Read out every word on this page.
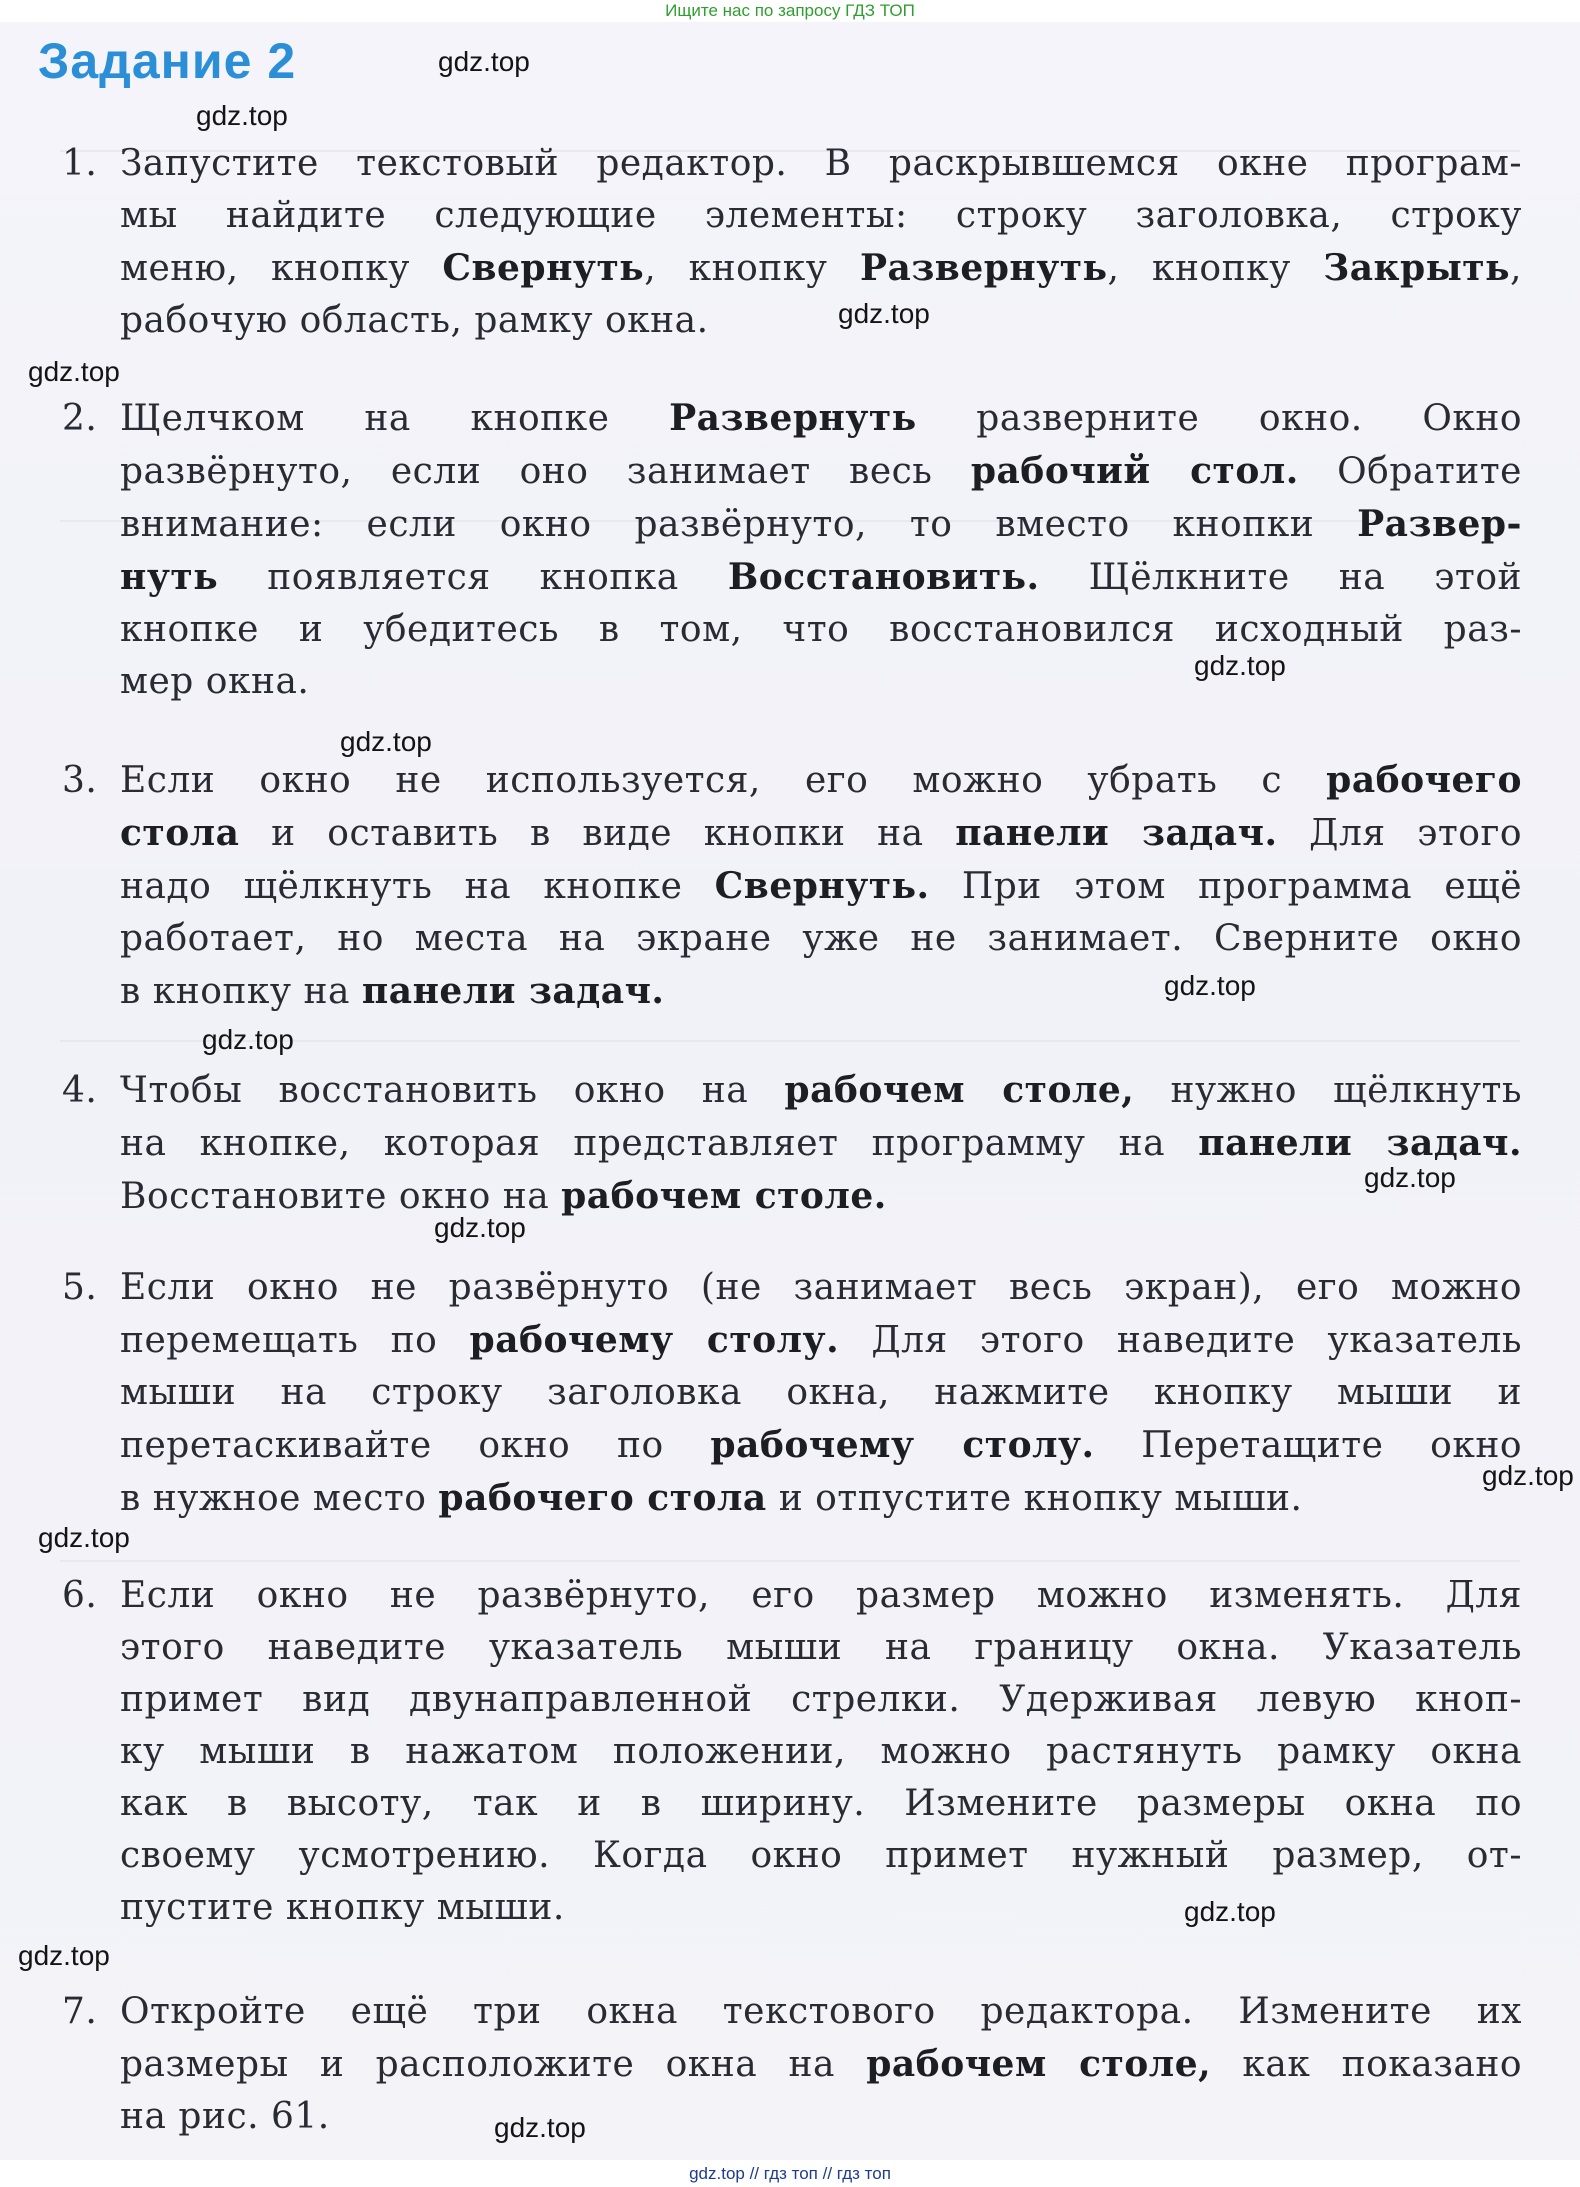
Ищите нас по запросу ГДЗ ТОП
Задание 2
1. Запустите текстовый редактор. В раскрывшемся окне програм-
мы найдите следующие элементы: строку заголовка, строку
меню, кнопку Свернуть, кнопку Развернуть, кнопку Закрыть,
рабочую область, рамку окна.
2. Щелчком на кнопке Развернуть разверните окно. Окно
развёрнуто, если оно занимает весь рабочий стол. Обратите
внимание: если окно развёрнуто, то вместо кнопки Развер-
нуть появляется кнопка Восстановить. Щёлкните на этой
кнопке и убедитесь в том, что восстановился исходный раз-
мер окна.
3. Если окно не используется, его можно убрать с рабочего
стола и оставить в виде кнопки на панели задач. Для этого
надо щёлкнуть на кнопке Свернуть. При этом программа ещё
работает, но места на экране уже не занимает. Сверните окно
в кнопку на панели задач.
4. Чтобы восстановить окно на рабочем столе, нужно щёлкнуть
на кнопке, которая представляет программу на панели задач.
Восстановите окно на рабочем столе.
5. Если окно не развёрнуто (не занимает весь экран), его можно
перемещать по рабочему столу. Для этого наведите указатель
мыши на строку заголовка окна, нажмите кнопку мыши и
перетаскивайте окно по рабочему столу. Перетащите окно
в нужное место рабочего стола и отпустите кнопку мыши.
6. Если окно не развёрнуто, его размер можно изменять. Для
этого наведите указатель мыши на границу окна. Указатель
примет вид двунаправленной стрелки. Удерживая левую кноп-
ку мыши в нажатом положении, можно растянуть рамку окна
как в высоту, так и в ширину. Измените размеры окна по
своему усмотрению. Когда окно примет нужный размер, от-
пустите кнопку мыши.
7. Откройте ещё три окна текстового редактора. Измените их
размеры и расположите окна на рабочем столе, как показано
на рис. 61.
gdz.top
gdz.top
gdz.top
gdz.top
gdz.top
gdz.top
gdz.top
gdz.top
gdz.top
gdz.top
gdz.top
gdz.top
gdz.top
gdz.top
gdz.top
gdz.top // гдз топ // гдз топ
